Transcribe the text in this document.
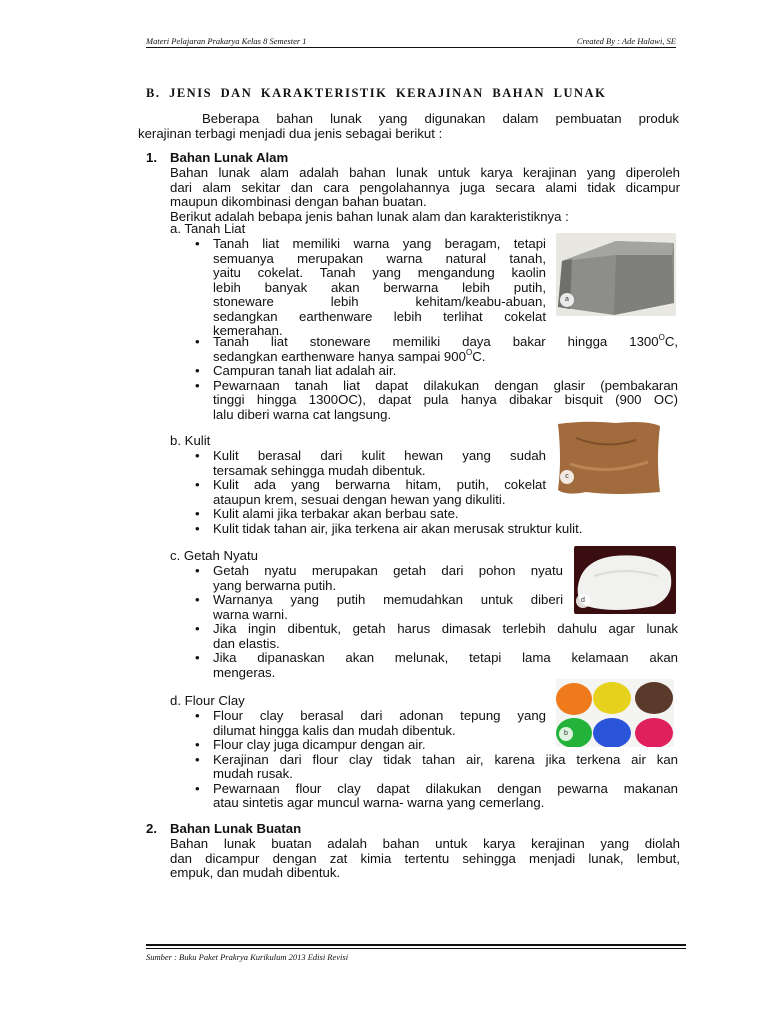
Materi Pelajaran Prakarya Kelas 8 Semester 1	Created By : Ade Halawi, SE
B. JENIS DAN KARAKTERISTIK KERAJINAN BAHAN LUNAK
Beberapa bahan lunak yang digunakan dalam pembuatan produk
kerajinan terbagi menjadi dua jenis sebagai berikut :
1. Bahan Lunak Alam
Bahan lunak alam adalah bahan lunak untuk karya kerajinan yang diperoleh
dari alam sekitar dan cara pengolahannya juga secara alami tidak dicampur
maupun dikombinasi dengan bahan buatan.
Berikut adalah bebapa jenis bahan lunak alam dan karakteristiknya :
a. Tanah Liat
• Tanah liat memiliki warna yang beragam, tetapi
semuanya merupakan warna natural tanah,
yaitu cokelat. Tanah yang mengandung kaolin
lebih banyak akan berwarna lebih putih,
stoneware lebih kehitam/keabu-abuan,
sedangkan earthenware lebih terlihat cokelat
kemerahan.
• Tanah liat stoneware memiliki daya bakar hingga $1300^OC$,
sedangkan earthenware hanya sampai $900^OC$.
• Campuran tanah liat adalah air.
• Pewarnaan tanah liat dapat dilakukan dengan glasir (pembakaran
tinggi hingga 1300OC), dapat pula hanya dibakar bisquit (900 OC)
lalu diberi warna cat langsung.
a
b. Kulit
• Kulit berasal dari kulit hewan yang sudah
tersamak sehingga mudah dibentuk.
• Kulit ada yang berwarna hitam, putih, cokelat
ataupun krem, sesuai dengan hewan yang dikuliti.
• Kulit alami jika terbakar akan berbau sate.
• Kulit tidak tahan air, jika terkena air akan merusak struktur kulit.
c
c. Getah Nyatu
• Getah nyatu merupakan getah dari pohon nyatu
yang berwarna putih.
• Warnanya yang putih memudahkan untuk diberi
warna warni.
• Jika ingin dibentuk, getah harus dimasak terlebih dahulu agar lunak
dan elastis.
• Jika dipanaskan akan melunak, tetapi lama kelamaan akan
mengeras.
d
d. Flour Clay
• Flour clay berasal dari adonan tepung yang
dilumat hingga kalis dan mudah dibentuk.
• Flour clay juga dicampur dengan air.
• Kerajinan dari flour clay tidak tahan air, karena jika terkena air kan
mudah rusak.
• Pewarnaan flour clay dapat dilakukan dengan pewarna makanan
atau sintetis agar muncul warna- warna yang cemerlang.
b
2. Bahan Lunak Buatan
Bahan lunak buatan adalah bahan untuk karya kerajinan yang diolah
dan dicampur dengan zat kimia tertentu sehingga menjadi lunak, lembut,
empuk, dan mudah dibentuk.
Sumber : Buku Paket Prakrya Kurikulum 2013 Edisi Revisi
